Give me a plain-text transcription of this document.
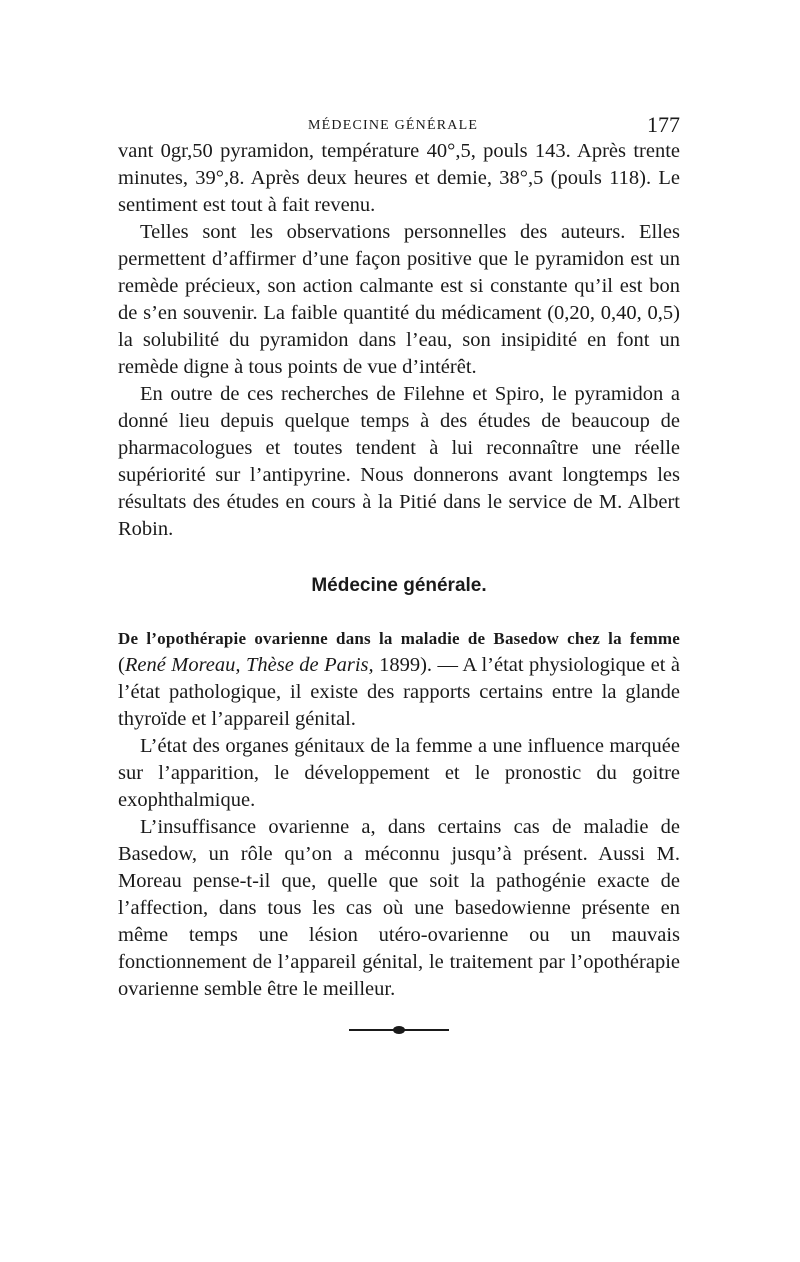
MÉDECINE GÉNÉRALE	177

vant 0gr,50 pyramidon, température 40°,5, pouls 143. Après trente minutes, 39°,8. Après deux heures et demie, 38°,5 (pouls 118). Le sentiment est tout à fait revenu.

Telles sont les observations personnelles des auteurs. Elles permettent d’affirmer d’une façon positive que le pyramidon est un remède précieux, son action calmante est si constante qu’il est bon de s’en souvenir. La faible quantité du médicament (0,20, 0,40, 0,5) la solubilité du pyramidon dans l’eau, son insipidité en font un remède digne à tous points de vue d’intérêt.

En outre de ces recherches de Filehne et Spiro, le pyramidon a donné lieu depuis quelque temps à des études de beaucoup de pharmacologues et toutes tendent à lui reconnaître une réelle supériorité sur l’antipyrine. Nous donnerons avant longtemps les résultats des études en cours à la Pitié dans le service de M. Albert Robin.

Médecine générale.

De l’opothérapie ovarienne dans la maladie de Basedow chez la femme (René Moreau, Thèse de Paris, 1899). — A l’état physiologique et à l’état pathologique, il existe des rapports certains entre la glande thyroïde et l’appareil génital.

L’état des organes génitaux de la femme a une influence marquée sur l’apparition, le développement et le pronostic du goitre exophthalmique.

L’insuffisance ovarienne a, dans certains cas de maladie de Basedow, un rôle qu’on a méconnu jusqu’à présent. Aussi M. Moreau pense-t-il que, quelle que soit la pathogénie exacte de l’affection, dans tous les cas où une basedowienne présente en même temps une lésion utéro-ovarienne ou un mauvais fonctionnement de l’appareil génital, le traitement par l’opothérapie ovarienne semble être le meilleur.
